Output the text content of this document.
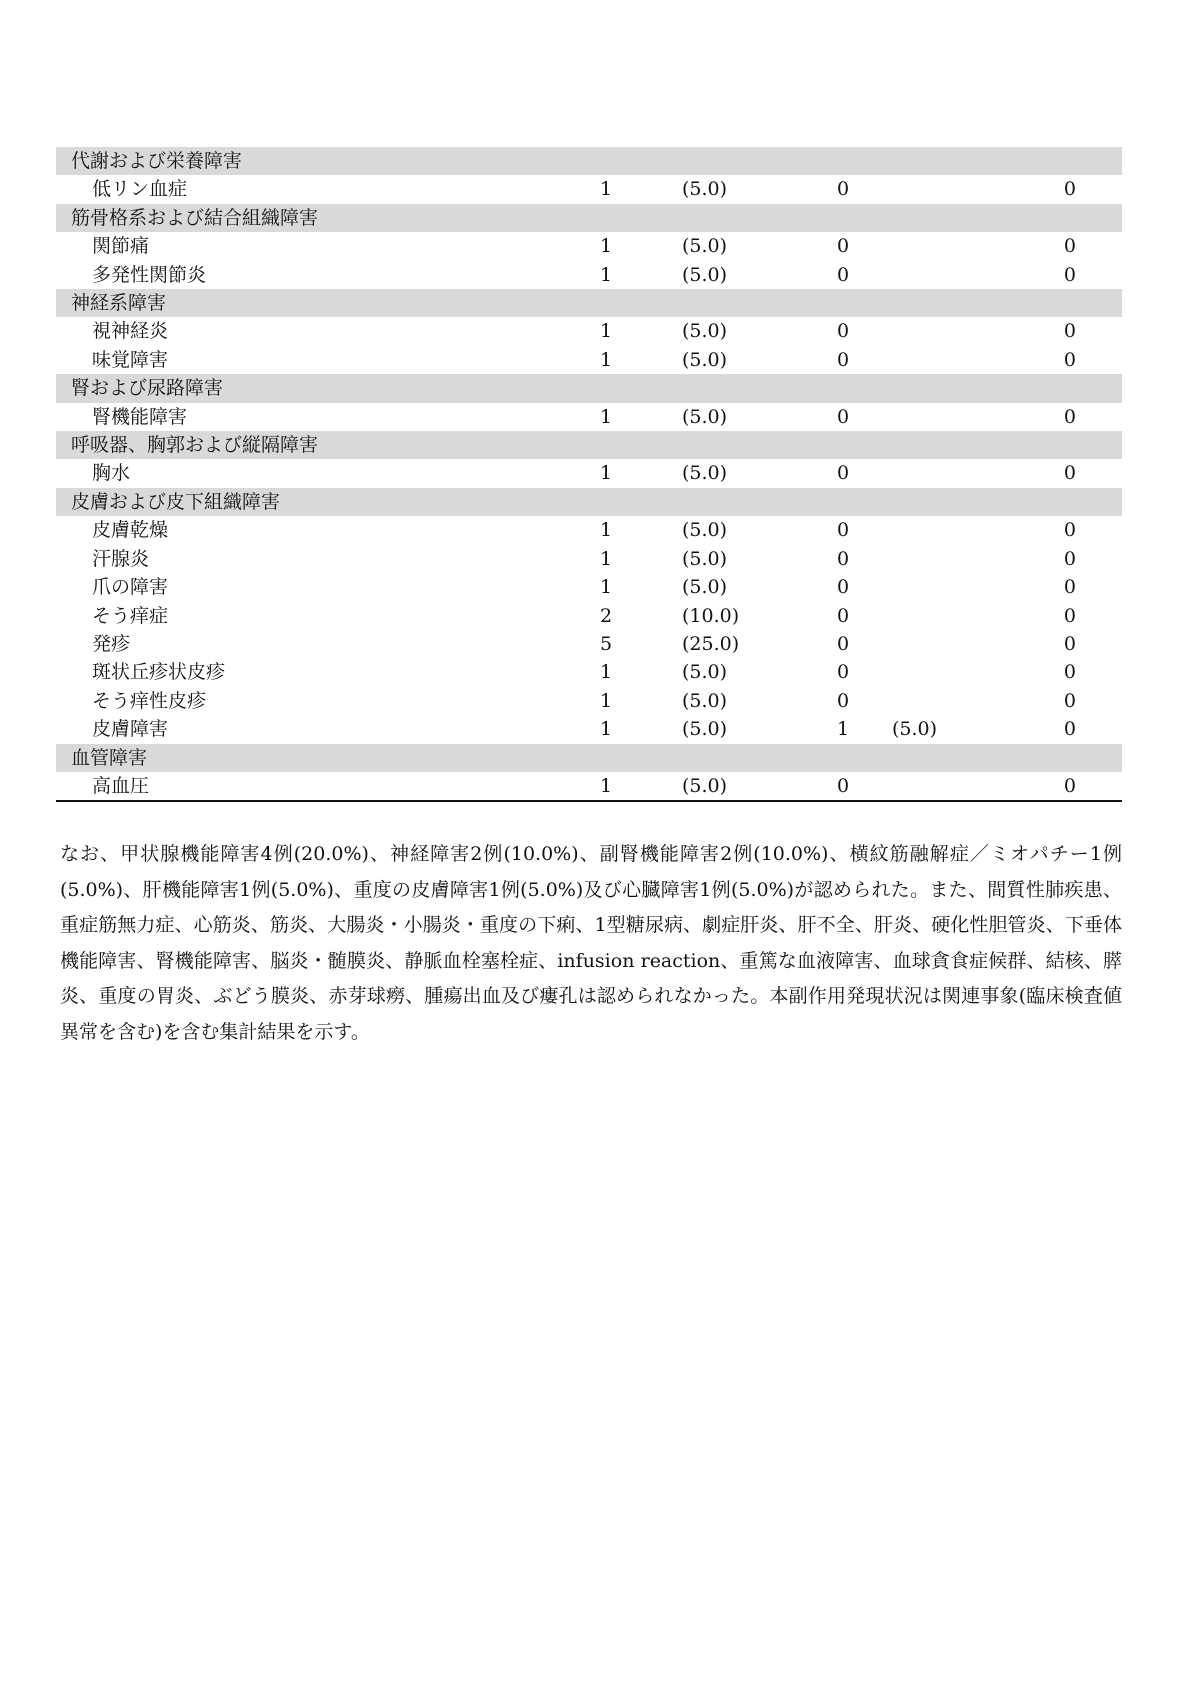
代謝および栄養障害					
低リン血症	1	(5.0)	0		0
筋骨格系および結合組織障害					
関節痛	1	(5.0)	0		0
多発性関節炎	1	(5.0)	0		0
神経系障害					
視神経炎	1	(5.0)	0		0
味覚障害	1	(5.0)	0		0
腎および尿路障害					
腎機能障害	1	(5.0)	0		0
呼吸器、胸郭および縦隔障害					
胸水	1	(5.0)	0		0
皮膚および皮下組織障害					
皮膚乾燥	1	(5.0)	0		0
汗腺炎	1	(5.0)	0		0
爪の障害	1	(5.0)	0		0
そう痒症	2	(10.0)	0		0
発疹	5	(25.0)	0		0
斑状丘疹状皮疹	1	(5.0)	0		0
そう痒性皮疹	1	(5.0)	0		0
皮膚障害	1	(5.0)	1	(5.0)	0
血管障害					
高血圧	1	(5.0)	0		0

なお、甲状腺機能障害4例(20.0%)、神経障害2例(10.0%)、副腎機能障害2例(10.0%)、横紋筋融解症／ミオパチー1例(5.0%)、肝機能障害1例(5.0%)、重度の皮膚障害1例(5.0%)及び心臓障害1例(5.0%)が認められた。また、間質性肺疾患、重症筋無力症、心筋炎、筋炎、大腸炎・小腸炎・重度の下痢、1型糖尿病、劇症肝炎、肝不全、肝炎、硬化性胆管炎、下垂体機能障害、腎機能障害、脳炎・髄膜炎、静脈血栓塞栓症、infusion reaction、重篤な血液障害、血球貪食症候群、結核、膵炎、重度の胃炎、ぶどう膜炎、赤芽球癆、腫瘍出血及び瘻孔は認められなかった。本副作用発現状況は関連事象(臨床検査値異常を含む)を含む集計結果を示す。
